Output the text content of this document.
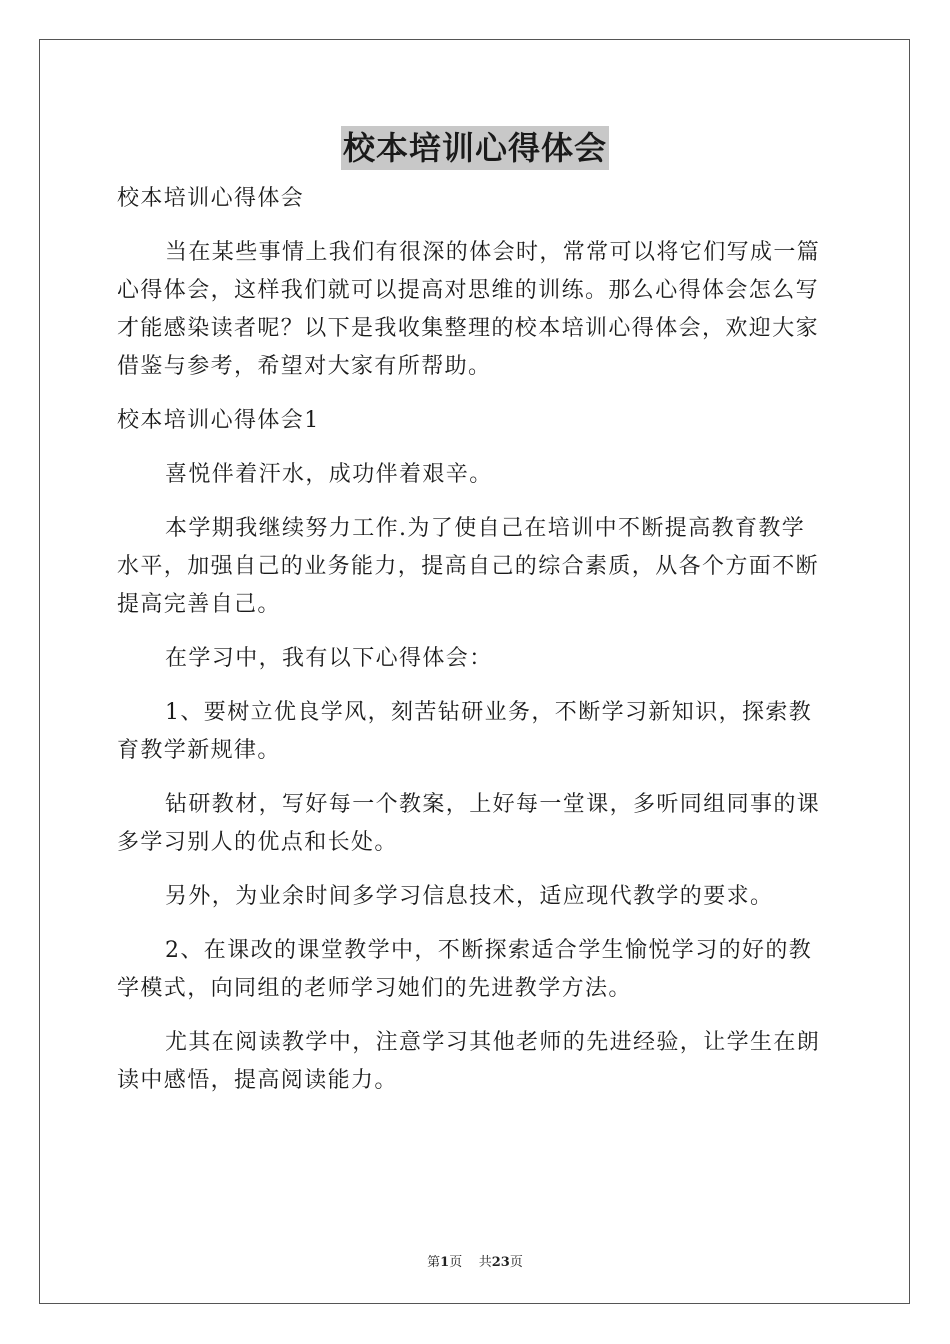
校本培训心得体会

校本培训心得体会

当在某些事情上我们有很深的体会时，常常可以将它们写成一篇

心得体会，这样我们就可以提高对思维的训练。那么心得体会怎么写

才能感染读者呢？以下是我收集整理的校本培训心得体会，欢迎大家

借鉴与参考，希望对大家有所帮助。

校本培训心得体会1

喜悦伴着汗水，成功伴着艰辛。

本学期我继续努力工作.为了使自己在培训中不断提高教育教学

水平，加强自己的业务能力，提高自己的综合素质，从各个方面不断

提高完善自己。

在学习中，我有以下心得体会：

1、要树立优良学风，刻苦钻研业务，不断学习新知识，探索教

育教学新规律。

钻研教材，写好每一个教案，上好每一堂课，多听同组同事的课

多学习别人的优点和长处。

另外，为业余时间多学习信息技术，适应现代教学的要求。

2、在课改的课堂教学中，不断探索适合学生愉悦学习的好的教

学模式，向同组的老师学习她们的先进教学方法。

尤其在阅读教学中，注意学习其他老师的先进经验，让学生在朗

读中感悟，提高阅读能力。

第1页 共23页
